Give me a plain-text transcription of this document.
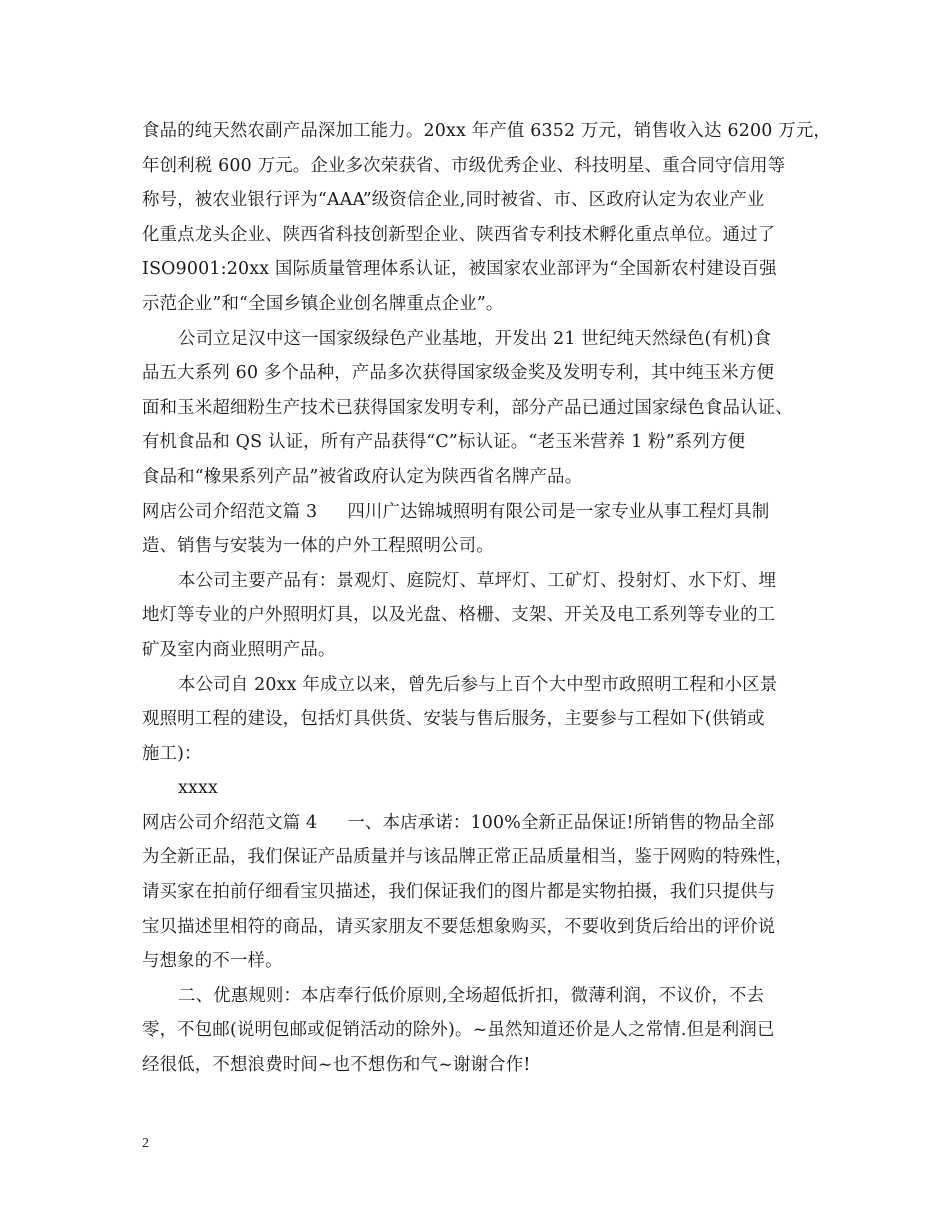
食品的纯天然农副产品深加工能力。20xx 年产值 6352 万元，销售收入达 6200 万元，
年创利税 600 万元。企业多次荣获省、市级优秀企业、科技明星、重合同守信用等
称号，被农业银行评为“AAA”级资信企业,同时被省、市、区政府认定为农业产业
化重点龙头企业、陕西省科技创新型企业、陕西省专利技术孵化重点单位。通过了
ISO9001:20xx 国际质量管理体系认证，被国家农业部评为“全国新农村建设百强
示范企业”和“全国乡镇企业创名牌重点企业”。
公司立足汉中这一国家级绿色产业基地，开发出 21 世纪纯天然绿色(有机)食
品五大系列 60 多个品种，产品多次获得国家级金奖及发明专利，其中纯玉米方便
面和玉米超细粉生产技术已获得国家发明专利，部分产品已通过国家绿色食品认证、
有机食品和 QS 认证，所有产品获得“C”标认证。“老玉米营养 1 粉”系列方便
食品和“橡果系列产品”被省政府认定为陕西省名牌产品。
网店公司介绍范文篇 3 四川广达锦城照明有限公司是一家专业从事工程灯具制
造、销售与安装为一体的户外工程照明公司。
本公司主要产品有：景观灯、庭院灯、草坪灯、工矿灯、投射灯、水下灯、埋
地灯等专业的户外照明灯具，以及光盘、格栅、支架、开关及电工系列等专业的工
矿及室内商业照明产品。
本公司自 20xx 年成立以来，曾先后参与上百个大中型市政照明工程和小区景
观照明工程的建设，包括灯具供货、安装与售后服务，主要参与工程如下(供销或
施工)：
xxxx
网店公司介绍范文篇 4 一、本店承诺：100%全新正品保证!所销售的物品全部
为全新正品，我们保证产品质量并与该品牌正常正品质量相当，鉴于网购的特殊性，
请买家在拍前仔细看宝贝描述，我们保证我们的图片都是实物拍摄，我们只提供与
宝贝描述里相符的商品，请买家朋友不要恁想象购买，不要收到货后给出的评价说
与想象的不一样。
二、优惠规则：本店奉行低价原则,全场超低折扣，微薄利润，不议价，不去
零，不包邮(说明包邮或促销活动的除外)。~虽然知道还价是人之常情.但是利润已
经很低，不想浪费时间~也不想伤和气~谢谢合作!
2
